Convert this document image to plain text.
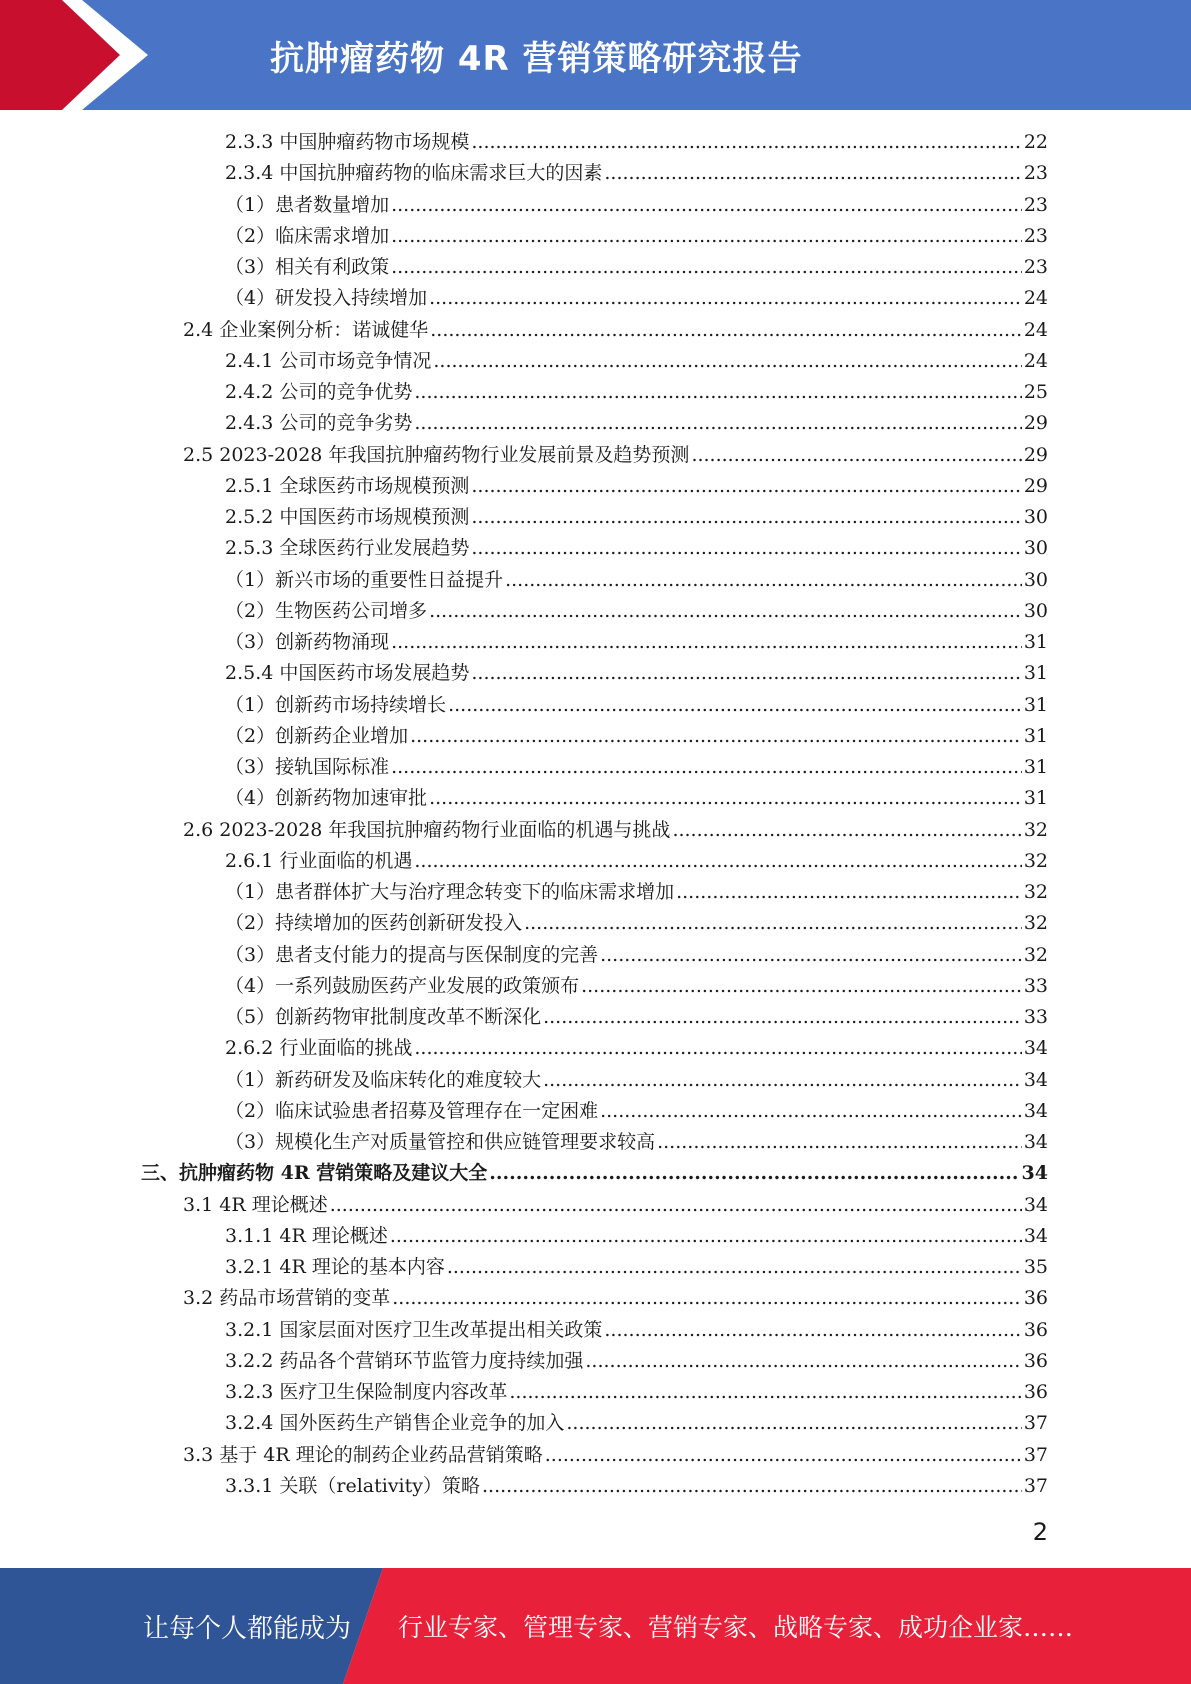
抗肿瘤药物 4R 营销策略研究报告
2.3.3 中国肿瘤药物市场规模 .....	22
2.3.4 中国抗肿瘤药物的临床需求巨大的因素 .....	23
（1）患者数量增加 .....	23
（2）临床需求增加 .....	23
（3）相关有利政策 .....	23
（4）研发投入持续增加 .....	24
2.4 企业案例分析：诺诚健华 .....	24
2.4.1 公司市场竞争情况 .....	24
2.4.2 公司的竞争优势 .....	25
2.4.3 公司的竞争劣势 .....	29
2.5 2023-2028 年我国抗肿瘤药物行业发展前景及趋势预测 .....	29
2.5.1 全球医药市场规模预测 .....	29
2.5.2 中国医药市场规模预测 .....	30
2.5.3 全球医药行业发展趋势 .....	30
（1）新兴市场的重要性日益提升 .....	30
（2）生物医药公司增多 .....	30
（3）创新药物涌现 .....	31
2.5.4 中国医药市场发展趋势 .....	31
（1）创新药市场持续增长 .....	31
（2）创新药企业增加 .....	31
（3）接轨国际标准 .....	31
（4）创新药物加速审批 .....	31
2.6 2023-2028 年我国抗肿瘤药物行业面临的机遇与挑战 .....	32
2.6.1 行业面临的机遇 .....	32
（1）患者群体扩大与治疗理念转变下的临床需求增加 .....	32
（2）持续增加的医药创新研发投入 .....	32
（3）患者支付能力的提高与医保制度的完善 .....	32
（4）一系列鼓励医药产业发展的政策颁布 .....	33
（5）创新药物审批制度改革不断深化 .....	33
2.6.2 行业面临的挑战 .....	34
（1）新药研发及临床转化的难度较大 .....	34
（2）临床试验患者招募及管理存在一定困难 .....	34
（3）规模化生产对质量管控和供应链管理要求较高 .....	34
三、抗肿瘤药物 4R 营销策略及建议大全 .....	34
3.1 4R 理论概述 .....	34
3.1.1 4R 理论概述 .....	34
3.2.1 4R 理论的基本内容 .....	35
3.2 药品市场营销的变革 .....	36
3.2.1 国家层面对医疗卫生改革提出相关政策 .....	36
3.2.2 药品各个营销环节监管力度持续加强 .....	36
3.2.3 医疗卫生保险制度内容改革 .....	36
3.2.4 国外医药生产销售企业竞争的加入 .....	37
3.3 基于 4R 理论的制药企业药品营销策略 .....	37
3.3.1 关联（relativity）策略 .....	37
2
让每个人都能成为 行业专家、管理专家、营销专家、战略专家、成功企业家……
